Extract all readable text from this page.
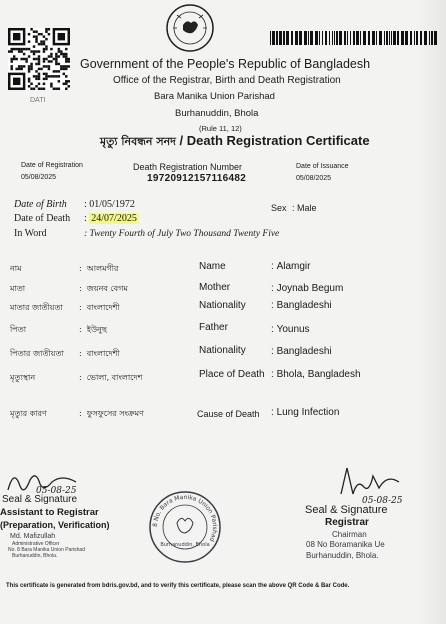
DATI
Government of the People's Republic of Bangladesh
Office of the Registrar, Birth and Death Registration
Bara Manika Union Parishad
Burhanuddin, Bhola
(Rule 11, 12)
মৃত্যু নিবন্ধন সনদ / Death Registration Certificate
Date of Registration
05/08/2025
Death Registration Number
19720912157116482
Date of Issuance
05/08/2025
Date of Birth : 01/05/1972	Sex : Male
Date of Death : 24/07/2025
In Word	: Twenty Fourth of July Two Thousand Twenty Five
নাম	:  আলমগীর	Name	: Alamgir
মাতা	:  জয়নব বেগম	Mother	: Joynab Begum
মাতার জাতীয়তা :  বাংলাদেশী	Nationality	: Bangladeshi
পিতা	:  ইউনুছ	Father	: Younus
পিতার জাতীয়তা :  বাংলাদেশী	Nationality	: Bangladeshi
মৃত্যুস্থান	:  ভোলা, বাংলাদেশ	Place of Death : Bhola, Bangladesh
মৃত্যুর কারণ	:  ফুসফুসের সংক্রমণ	Cause of Death : Lung Infection
05-08-25
Seal & Signature
Assistant to Registrar
(Preparation, Verification)
Md. Mafizullah
Administrative Officer
No. 8 Bara Manika Union Parishad
Burhanuddin, Bhola.
8 No. Bara Manika Union Parishad
Burhanuddin, Bhola
05-08-25
Seal & Signature
Registrar
Chairman
08 No Boramanika Ue
Burhanuddin, Bhola.
This certificate is generated from bdris.gov.bd, and to verify this certificate, please scan the above QR Code & Bar Code.
